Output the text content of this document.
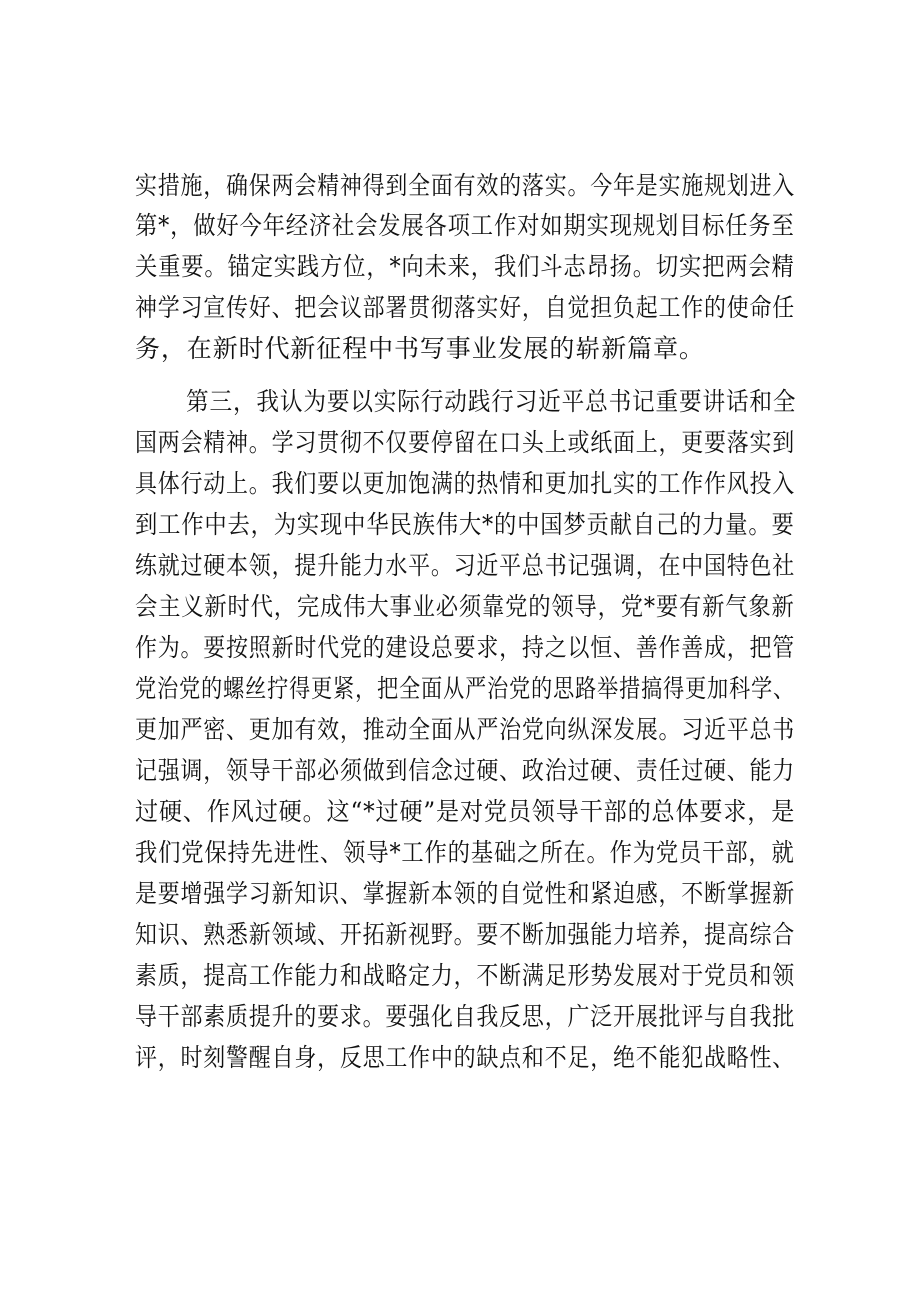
实措施，确保两会精神得到全面有效的落实。今年是实施规划进入
第*，做好今年经济社会发展各项工作对如期实现规划目标任务至
关重要。锚定实践方位，*向未来，我们斗志昂扬。切实把两会精
神学习宣传好、把会议部署贯彻落实好，自觉担负起工作的使命任
务，在新时代新征程中书写事业发展的崭新篇章。
第三，我认为要以实际行动践行习近平总书记重要讲话和全
国两会精神。学习贯彻不仅要停留在口头上或纸面上，更要落实到
具体行动上。我们要以更加饱满的热情和更加扎实的工作作风投入
到工作中去，为实现中华民族伟大*的中国梦贡献自己的力量。要
练就过硬本领，提升能力水平。习近平总书记强调，在中国特色社
会主义新时代，完成伟大事业必须靠党的领导，党*要有新气象新
作为。要按照新时代党的建设总要求，持之以恒、善作善成，把管
党治党的螺丝拧得更紧，把全面从严治党的思路举措搞得更加科学、
更加严密、更加有效，推动全面从严治党向纵深发展。习近平总书
记强调，领导干部必须做到信念过硬、政治过硬、责任过硬、能力
过硬、作风过硬。这“*过硬”是对党员领导干部的总体要求，是
我们党保持先进性、领导*工作的基础之所在。作为党员干部，就
是要增强学习新知识、掌握新本领的自觉性和紧迫感，不断掌握新
知识、熟悉新领域、开拓新视野。要不断加强能力培养，提高综合
素质，提高工作能力和战略定力，不断满足形势发展对于党员和领
导干部素质提升的要求。要强化自我反思，广泛开展批评与自我批
评，时刻警醒自身，反思工作中的缺点和不足，绝不能犯战略性、
